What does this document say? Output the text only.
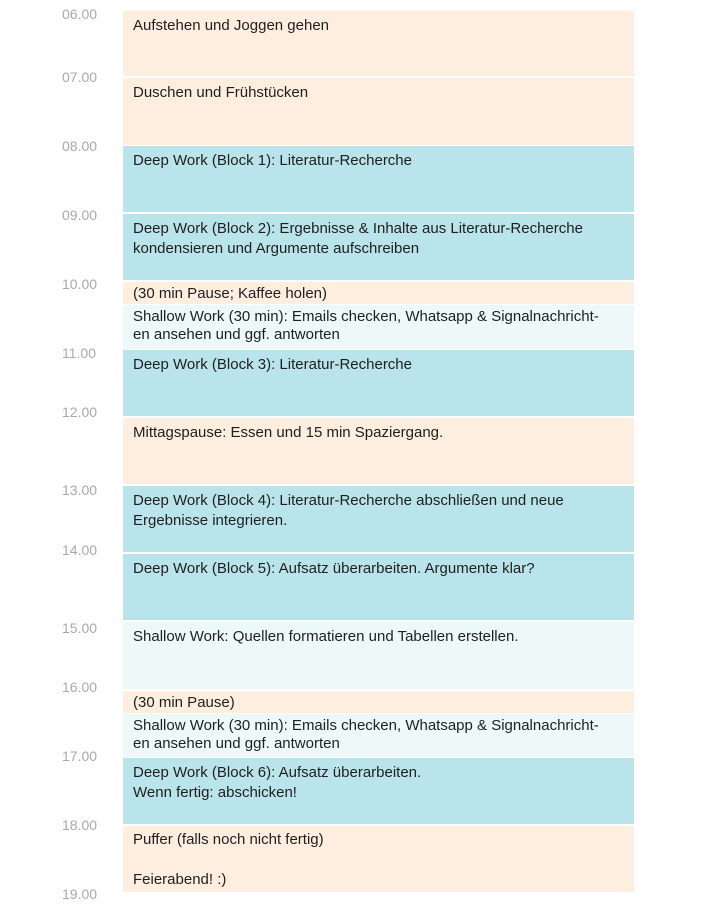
06.00
07.00
08.00
09.00
10.00
11.00
12.00
13.00
14.00
15.00
16.00
17.00
18.00
19.00
Aufstehen und Joggen gehen
Duschen und Frühstücken
Deep Work (Block 1): Literatur-Recherche
Deep Work (Block 2): Ergebnisse & Inhalte aus Literatur-Recherche
kondensieren und Argumente aufschreiben
(30 min Pause; Kaffee holen)
Shallow Work (30 min): Emails checken, Whatsapp & Signalnachricht-
en ansehen und ggf. antworten
Deep Work (Block 3): Literatur-Recherche
Mittagspause: Essen und 15 min Spaziergang.
Deep Work (Block 4): Literatur-Recherche abschließen und neue
Ergebnisse integrieren.
Deep Work (Block 5): Aufsatz überarbeiten. Argumente klar?
Shallow Work: Quellen formatieren und Tabellen erstellen.
(30 min Pause)
Shallow Work (30 min): Emails checken, Whatsapp & Signalnachricht-
en ansehen und ggf. antworten
Deep Work (Block 6): Aufsatz überarbeiten.
Wenn fertig: abschicken!
Puffer (falls noch nicht fertig)

Feierabend! :)
